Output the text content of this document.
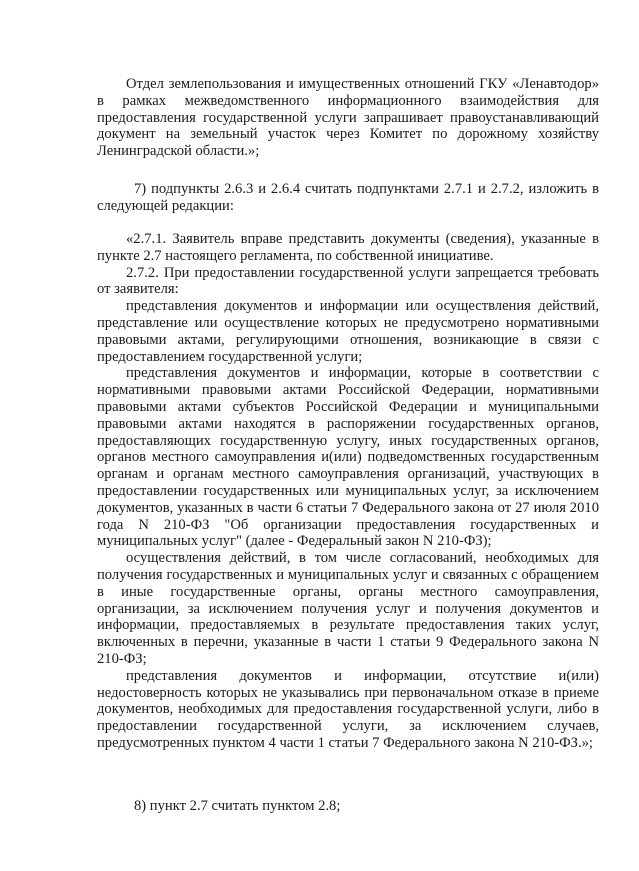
Отдел землепользования и имущественных отношений ГКУ «Ленавтодор» в рамках межведомственного информационного взаимодействия для предоставления государственной услуги запрашивает правоустанавливающий документ на земельный участок через Комитет по дорожному хозяйству Ленинградской области.»;

7) подпункты 2.6.3 и 2.6.4 считать подпунктами 2.7.1 и 2.7.2, изложить в следующей редакции:

«2.7.1. Заявитель вправе представить документы (сведения), указанные в пункте 2.7 настоящего регламента, по собственной инициативе.

2.7.2. При предоставлении государственной услуги запрещается требовать от заявителя:

представления документов и информации или осуществления действий, представление или осуществление которых не предусмотрено нормативными правовыми актами, регулирующими отношения, возникающие в связи с предоставлением государственной услуги;

представления документов и информации, которые в соответствии с нормативными правовыми актами Российской Федерации, нормативными правовыми актами субъектов Российской Федерации и муниципальными правовыми актами находятся в распоряжении государственных органов, предоставляющих государственную услугу, иных государственных органов, органов местного самоуправления и(или) подведомственных государственным органам и органам местного самоуправления организаций, участвующих в предоставлении государственных или муниципальных услуг, за исключением документов, указанных в части 6 статьи 7 Федерального закона от 27 июля 2010 года N 210-ФЗ "Об организации предоставления государственных и муниципальных услуг" (далее - Федеральный закон N 210-ФЗ);

осуществления действий, в том числе согласований, необходимых для получения государственных и муниципальных услуг и связанных с обращением в иные государственные органы, органы местного самоуправления, организации, за исключением получения услуг и получения документов и информации, предоставляемых в результате предоставления таких услуг, включенных в перечни, указанные в части 1 статьи 9 Федерального закона N 210-ФЗ;

представления документов и информации, отсутствие и(или) недостоверность которых не указывались при первоначальном отказе в приеме документов, необходимых для предоставления государственной услуги, либо в предоставлении государственной услуги, за исключением случаев, предусмотренных пунктом 4 части 1 статьи 7 Федерального закона N 210-ФЗ.»;

8) пункт 2.7 считать пунктом 2.8;
